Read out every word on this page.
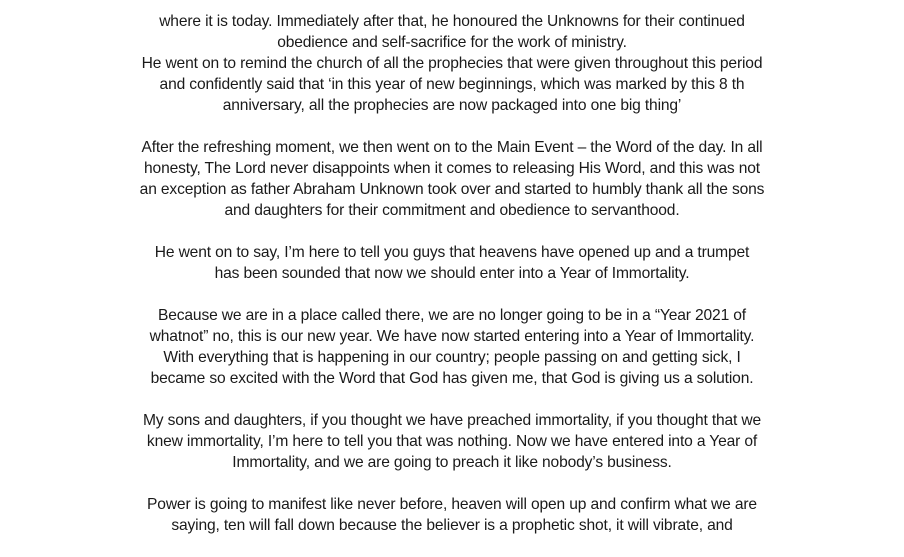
where it is today. Immediately after that, he honoured the Unknowns for their continued
obedience and self-sacrifice for the work of ministry.
He went on to remind the church of all the prophecies that were given throughout this period
and confidently said that ‘in this year of new beginnings, which was marked by this 8 th
anniversary, all the prophecies are now packaged into one big thing’

After the refreshing moment, we then went on to the Main Event – the Word of the day. In all
honesty, The Lord never disappoints when it comes to releasing His Word, and this was not
an exception as father Abraham Unknown took over and started to humbly thank all the sons
and daughters for their commitment and obedience to servanthood.

He went on to say, I’m here to tell you guys that heavens have opened up and a trumpet
has been sounded that now we should enter into a Year of Immortality.

Because we are in a place called there, we are no longer going to be in a “Year 2021 of
whatnot” no, this is our new year. We have now started entering into a Year of Immortality.
With everything that is happening in our country; people passing on and getting sick, I
became so excited with the Word that God has given me, that God is giving us a solution.

My sons and daughters, if you thought we have preached immortality, if you thought that we
knew immortality, I’m here to tell you that was nothing. Now we have entered into a Year of
Immortality, and we are going to preach it like nobody’s business.

Power is going to manifest like never before, heaven will open up and confirm what we are
saying, ten will fall down because the believer is a prophetic shot, it will vibrate, and
